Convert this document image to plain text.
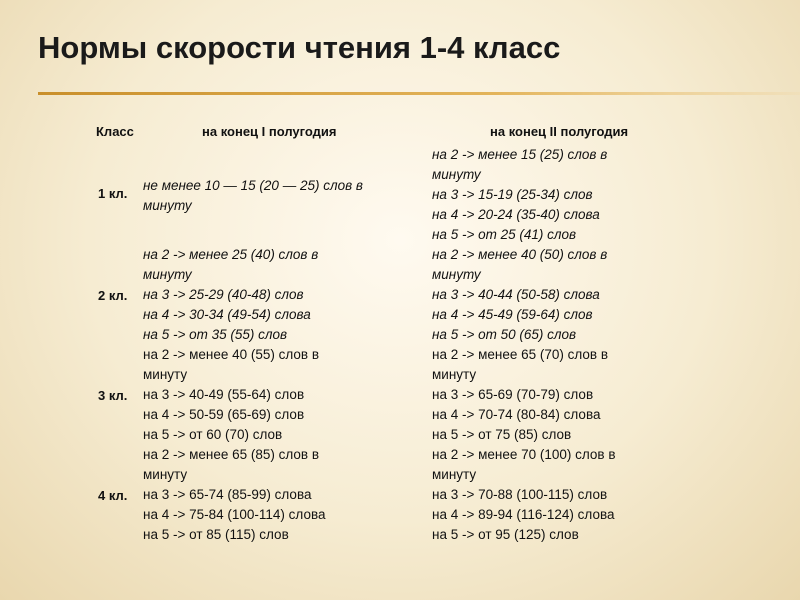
Нормы скорости чтения 1-4 класс
Класс	на конец I полугодия	на конец II полугодия
1 кл.
не менее 10 — 15 (20 — 25) слов в
минуту
на 2 -> менее 15 (25) слов в
минуту
на 3 -> 15-19 (25-34) слов
на 4 -> 20-24 (35-40) слова
на 5 -> от 25 (41) слов
2 кл.
на 2 -> менее 25 (40) слов в
минуту
на 3 -> 25-29 (40-48) слов
на 4 -> 30-34 (49-54) слова
на 5 -> от 35 (55) слов
на 2 -> менее 40 (50) слов в
минуту
на 3 -> 40-44 (50-58) слова
на 4 -> 45-49 (59-64) слов
на 5 -> от 50 (65) слов
3 кл.
на 2 -> менее 40 (55) слов в
минуту
на 3 -> 40-49 (55-64) слов
на 4 -> 50-59 (65-69) слов
на 5 -> от 60 (70) слов
на 2 -> менее 65 (70) слов в
минуту
на 3 -> 65-69 (70-79) слов
на 4 -> 70-74 (80-84) слова
на 5 -> от 75 (85) слов
4 кл.
на 2 -> менее 65 (85) слов в
минуту
на 3 -> 65-74 (85-99) слова
на 4 -> 75-84 (100-114) слова
на 5 -> от 85 (115) слов
на 2 -> менее 70 (100) слов в
минуту
на 3 -> 70-88 (100-115) слов
на 4 -> 89-94 (116-124) слова
на 5 -> от 95 (125) слов
